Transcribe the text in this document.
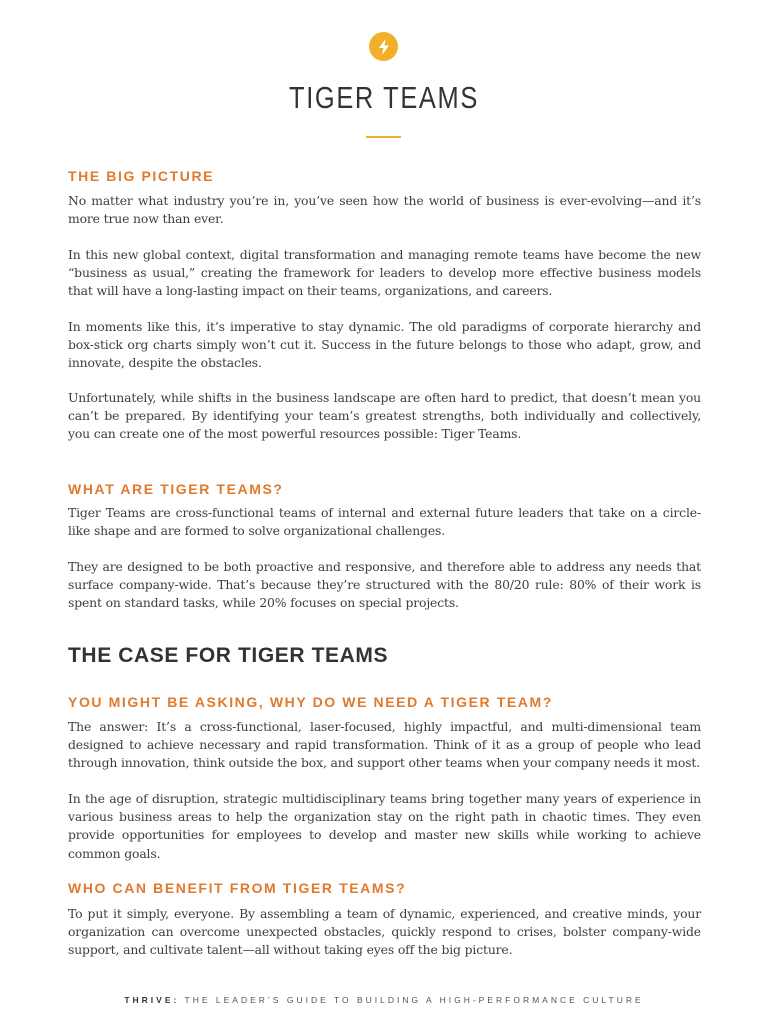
TIGER TEAMS
THE BIG PICTURE

No matter what industry you’re in, you’ve seen how the world of business is ever-evolving—and it’s more true now than ever.

In this new global context, digital transformation and managing remote teams have become the new “business as usual,” creating the framework for leaders to develop more effective business models that will have a long-lasting impact on their teams, organizations, and careers.

In moments like this, it’s imperative to stay dynamic. The old paradigms of corporate hierarchy and box-stick org charts simply won’t cut it. Success in the future belongs to those who adapt, grow, and innovate, despite the obstacles.

Unfortunately, while shifts in the business landscape are often hard to predict, that doesn’t mean you can’t be prepared. By identifying your team’s greatest strengths, both individually and collectively, you can create one of the most powerful resources possible: Tiger Teams.

WHAT ARE TIGER TEAMS?

Tiger Teams are cross-functional teams of internal and external future leaders that take on a circle-like shape and are formed to solve organizational challenges.

They are designed to be both proactive and responsive, and therefore able to address any needs that surface company-wide. That’s because they’re structured with the 80/20 rule: 80% of their work is spent on standard tasks, while 20% focuses on special projects.

THE CASE FOR TIGER TEAMS
YOU MIGHT BE ASKING, WHY DO WE NEED A TIGER TEAM?

The answer: It’s a cross-functional, laser-focused, highly impactful, and multi-dimensional team designed to achieve necessary and rapid transformation. Think of it as a group of people who lead through innovation, think outside the box, and support other teams when your company needs it most.

In the age of disruption, strategic multidisciplinary teams bring together many years of experience in various business areas to help the organization stay on the right path in chaotic times. They even provide opportunities for employees to develop and master new skills while working to achieve common goals.

WHO CAN BENEFIT FROM TIGER TEAMS?

To put it simply, everyone. By assembling a team of dynamic, experienced, and creative minds, your organization can overcome unexpected obstacles, quickly respond to crises, bolster company-wide support, and cultivate talent—all without taking eyes off the big picture.

THRIVE: THE LEADER’S GUIDE TO BUILDING A HIGH-PERFORMANCE CULTURE
